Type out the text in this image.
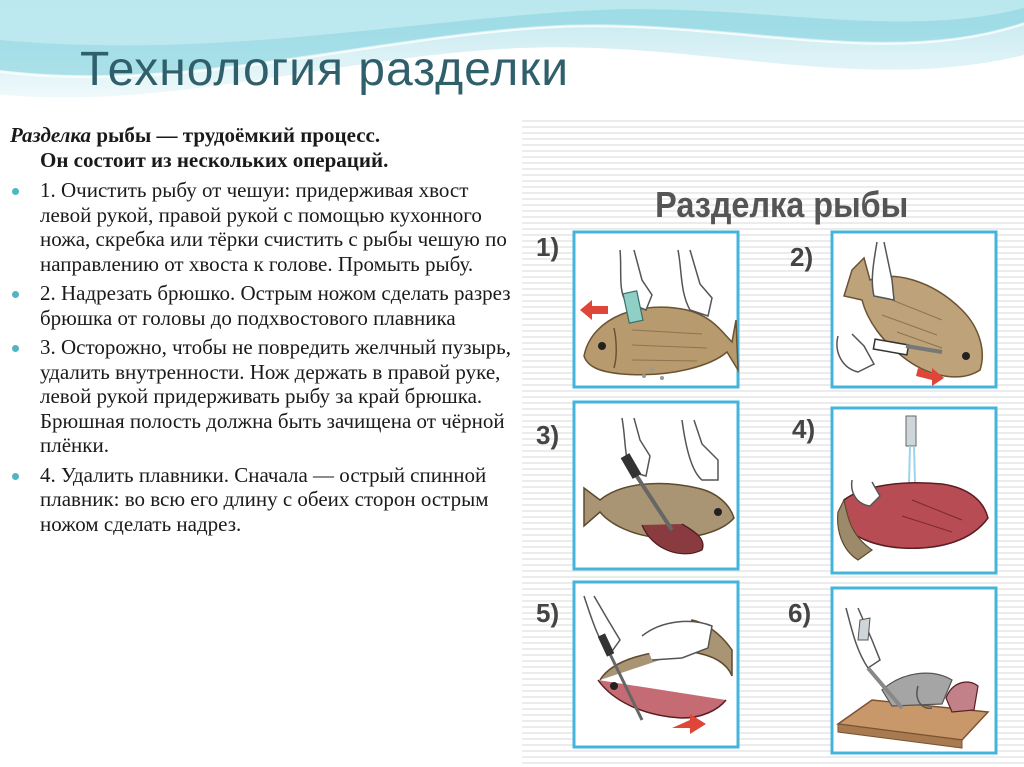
Технология разделки

Разделка рыбы — трудоёмкий процесс.
Он состоит из нескольких операций.

1. Очистить рыбу от чешуи: придерживая хвост левой рукой, правой рукой с помощью кухонного ножа, скребка или тёрки счистить с рыбы чешую по направлению от хвоста к голове. Промыть рыбу.
2. Надрезать брюшко. Острым ножом сделать разрез брюшка от головы до подхвостового плавника
3. Осторожно, чтобы не повредить желчный пузырь, удалить внутренности. Нож держать в правой руке, левой рукой придерживать рыбу за край брюшка. Брюшная полость должна быть зачищена от чёрной плёнки.
4. Удалить плавники. Сначала — острый спинной плавник: во всю его длину с обеих сторон острым ножом сделать надрез.
Разделка рыбы
1)	2)
3)	4)
5)	6)
